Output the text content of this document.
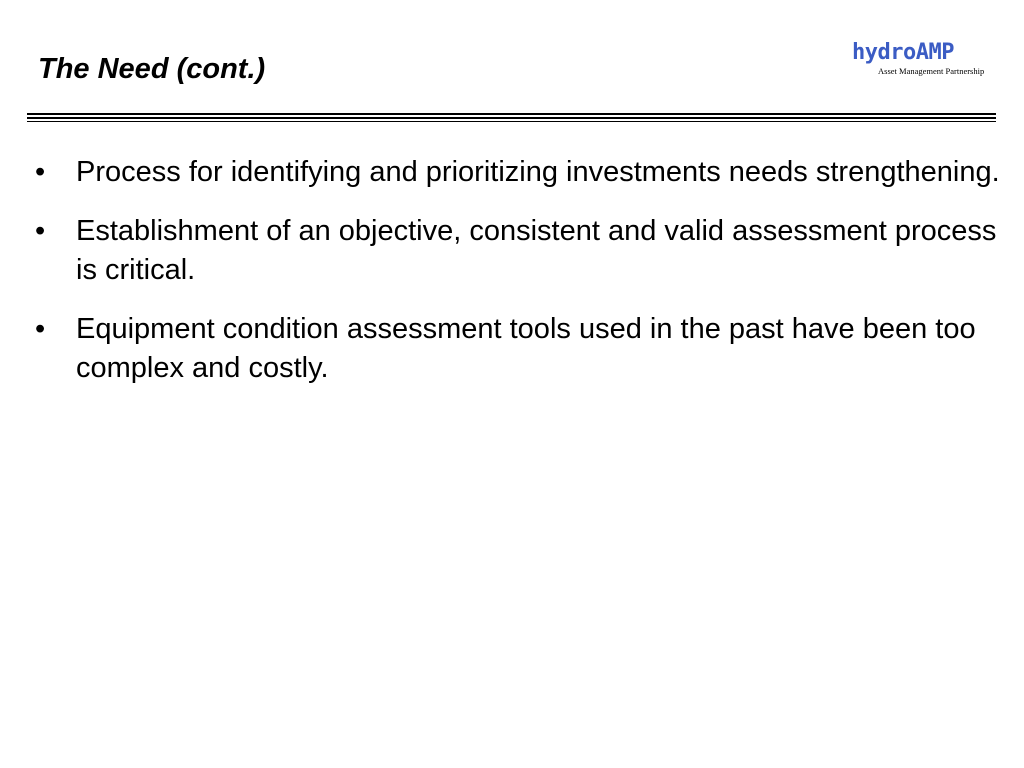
The Need (cont.)
hydroAMP
Asset Management Partnership
•	Process for identifying and prioritizing investments needs strengthening.
•	Establishment of an objective, consistent and valid assessment process is critical.
•	Equipment condition assessment tools used in the past have been too complex and costly.
